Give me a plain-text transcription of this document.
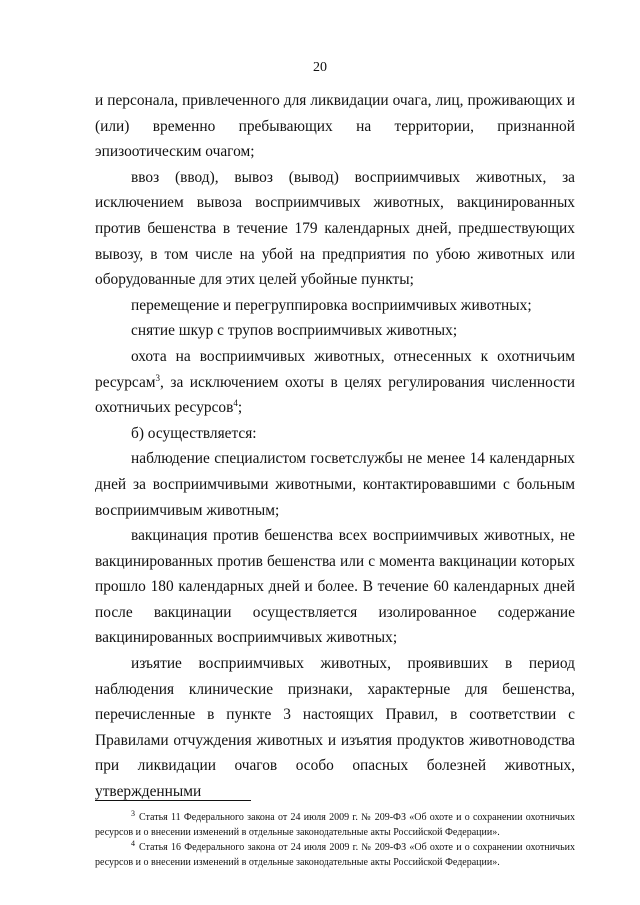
20

и персонала, привлеченного для ликвидации очага, лиц, проживающих и (или) временно пребывающих на территории, признанной эпизоотическим очагом;

ввоз (ввод), вывоз (вывод) восприимчивых животных, за исключением вывоза восприимчивых животных, вакцинированных против бешенства в течение 179 календарных дней, предшествующих вывозу, в том числе на убой на предприятия по убою животных или оборудованные для этих целей убойные пункты;

перемещение и перегруппировка восприимчивых животных;

снятие шкур с трупов восприимчивых животных;

охота на восприимчивых животных, отнесенных к охотничьим ресурсам$^3$, за исключением охоты в целях регулирования численности охотничьих ресурсов$^4$;

б) осуществляется:

наблюдение специалистом госветслужбы не менее 14 календарных дней за восприимчивыми животными, контактировавшими с больным восприимчивым животным;

вакцинация против бешенства всех восприимчивых животных, не вакцинированных против бешенства или с момента вакцинации которых прошло 180 календарных дней и более. В течение 60 календарных дней после вакцинации осуществляется изолированное содержание вакцинированных восприимчивых животных;

изъятие восприимчивых животных, проявивших в период наблюдения клинические признаки, характерные для бешенства, перечисленные в пункте 3 настоящих Правил, в соответствии с Правилами отчуждения животных и изъятия продуктов животноводства при ликвидации очагов особо опасных болезней животных, утвержденными

$^3$ Статья 11 Федерального закона от 24 июля 2009 г. № 209-ФЗ «Об охоте и о сохранении охотничьих ресурсов и о внесении изменений в отдельные законодательные акты Российской Федерации».

$^4$ Статья 16 Федерального закона от 24 июля 2009 г. № 209-ФЗ «Об охоте и о сохранении охотничьих ресурсов и о внесении изменений в отдельные законодательные акты Российской Федерации».
